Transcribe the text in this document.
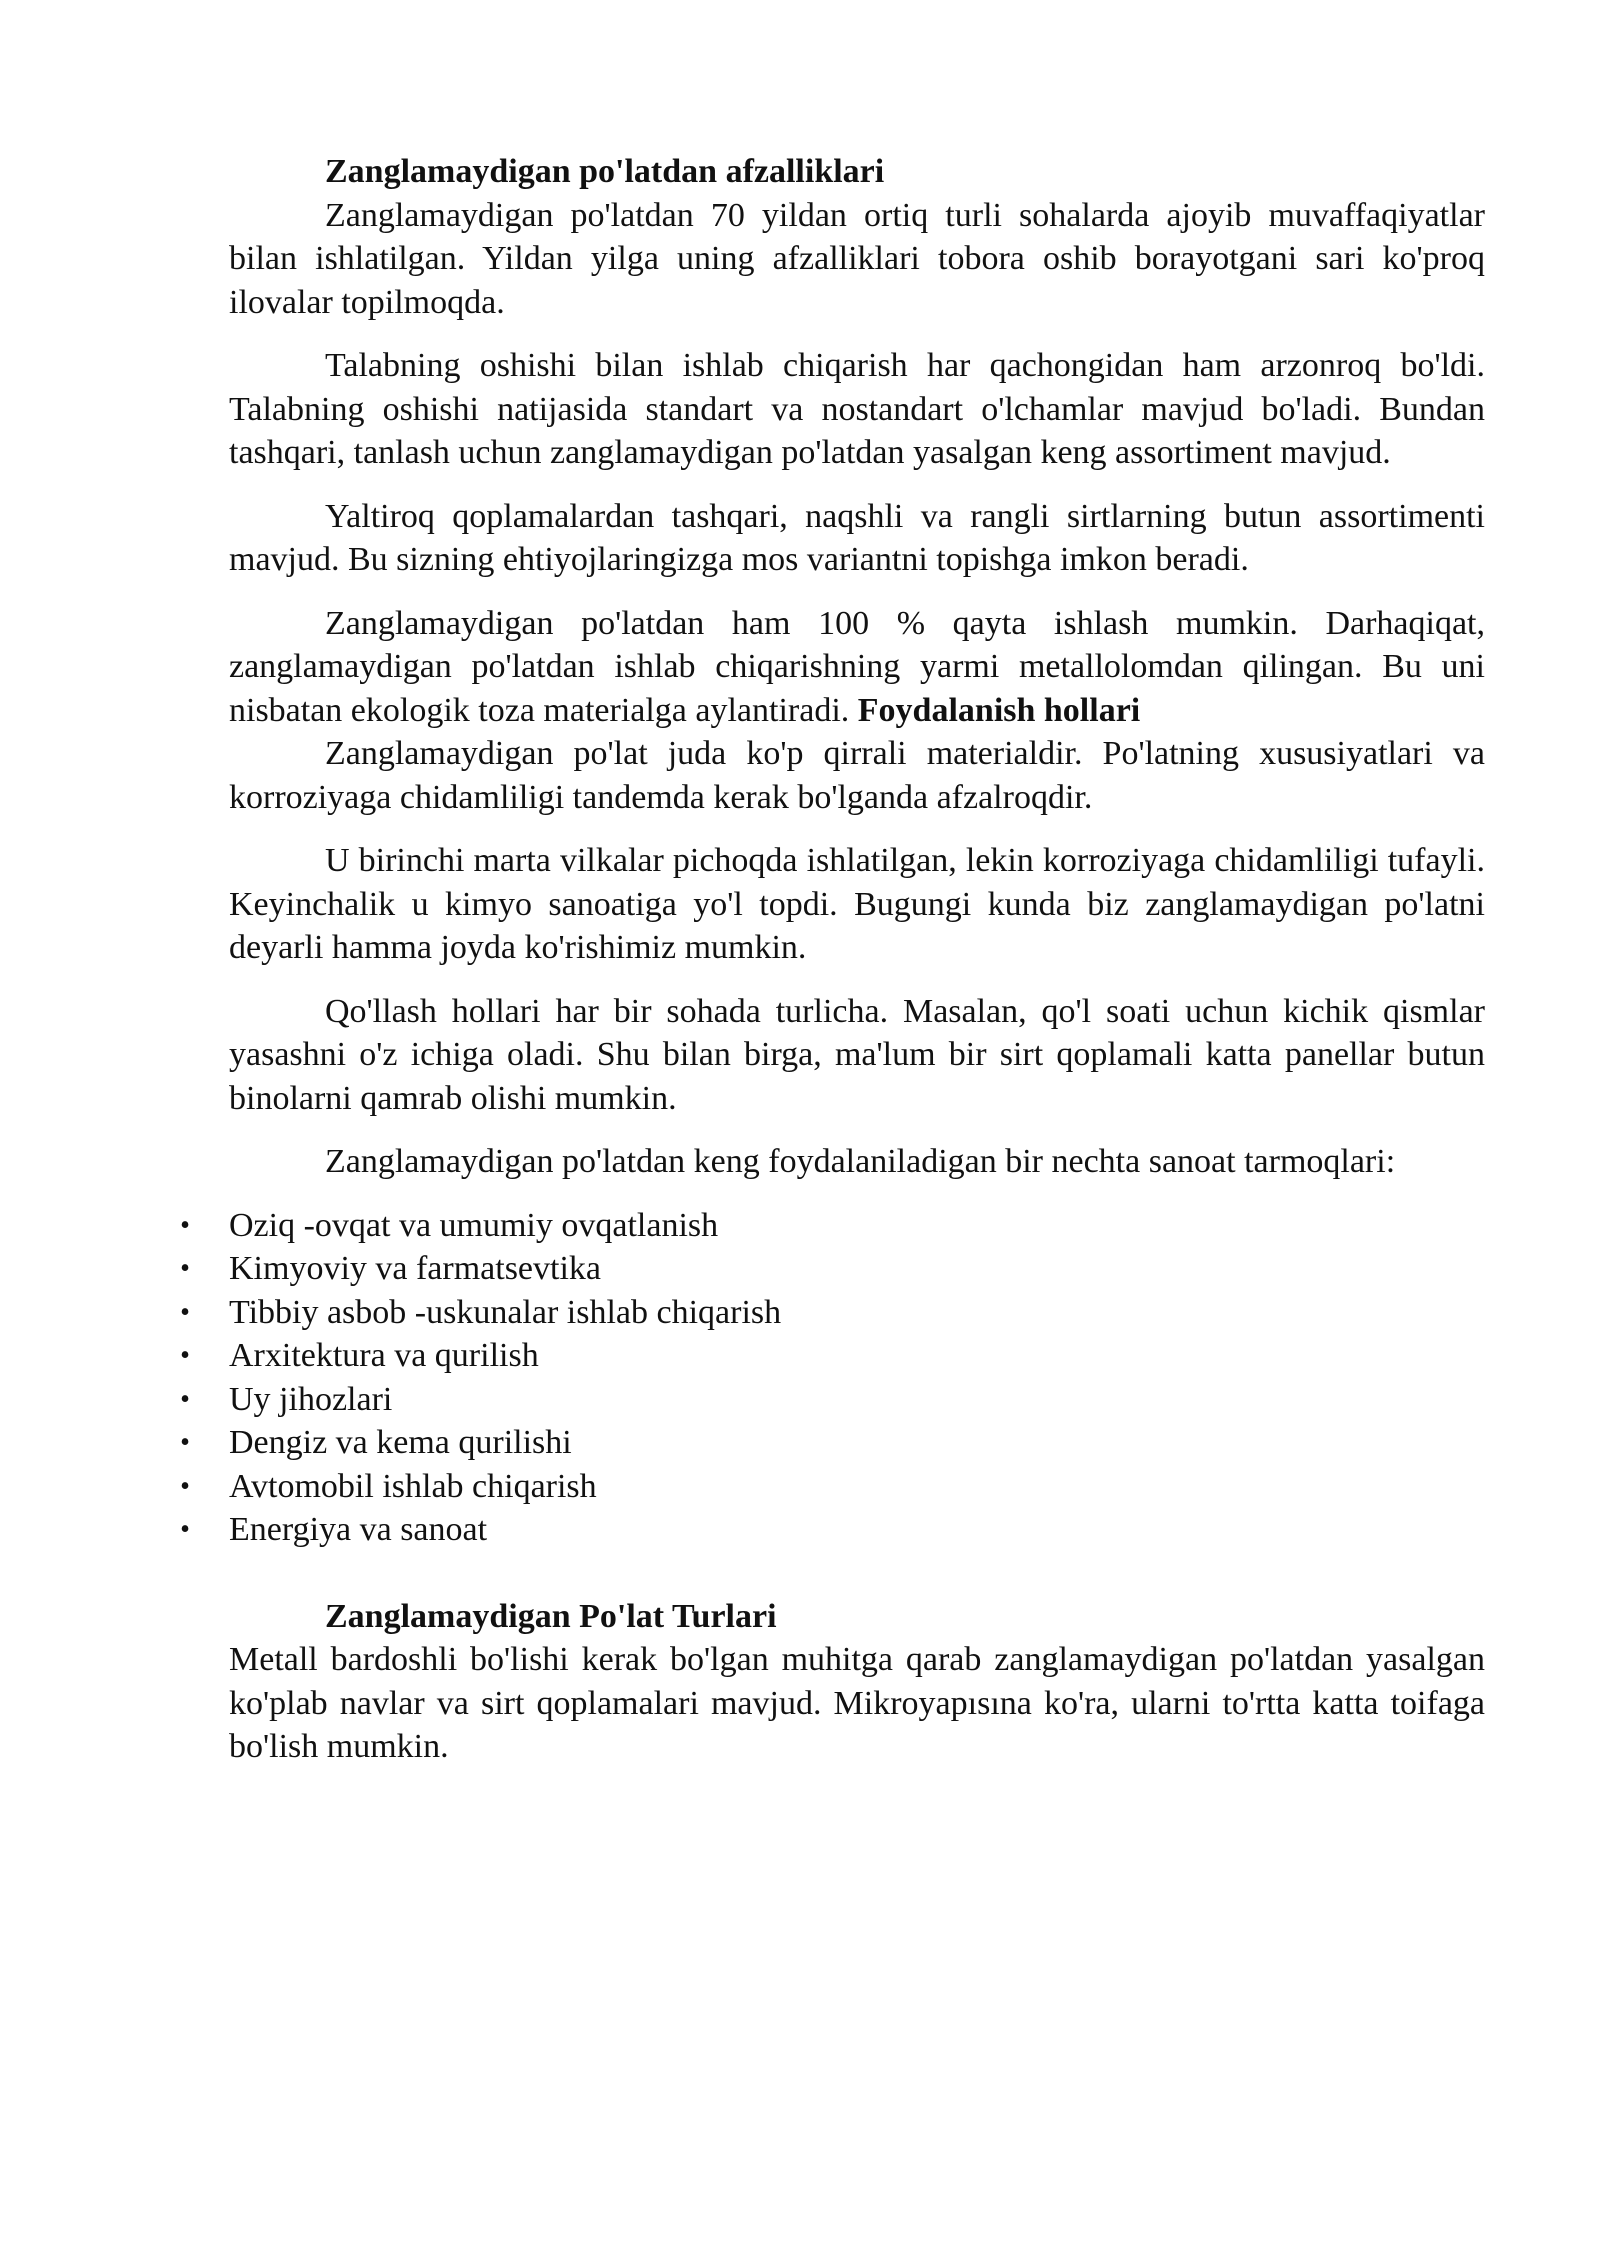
Zanglamaydigan po'latdan afzalliklari

Zanglamaydigan po'latdan 70 yildan ortiq turli sohalarda ajoyib muvaffaqiyatlar bilan ishlatilgan. Yildan yilga uning afzalliklari tobora oshib borayotgani sari ko'proq ilovalar topilmoqda.

Talabning oshishi bilan ishlab chiqarish har qachongidan ham arzonroq bo'ldi. Talabning oshishi natijasida standart va nostandart o'lchamlar mavjud bo'ladi. Bundan tashqari, tanlash uchun zanglamaydigan po'latdan yasalgan keng assortiment mavjud.

Yaltiroq qoplamalardan tashqari, naqshli va rangli sirtlarning butun assortimenti mavjud. Bu sizning ehtiyojlaringizga mos variantni topishga imkon beradi.

Zanglamaydigan po'latdan ham 100 % qayta ishlash mumkin. Darhaqiqat, zanglamaydigan po'latdan ishlab chiqarishning yarmi metallolomdan qilingan. Bu uni nisbatan ekologik toza materialga aylantiradi. Foydalanish hollari

Zanglamaydigan po'lat juda ko'p qirrali materialdir. Po'latning xususiyatlari va korroziyaga chidamliligi tandemda kerak bo'lganda afzalroqdir.

U birinchi marta vilkalar pichoqda ishlatilgan, lekin korroziyaga chidamliligi tufayli. Keyinchalik u kimyo sanoatiga yo'l topdi. Bugungi kunda biz zanglamaydigan po'latni deyarli hamma joyda ko'rishimiz mumkin.

Qo'llash hollari har bir sohada turlicha. Masalan, qo'l soati uchun kichik qismlar yasashni o'z ichiga oladi. Shu bilan birga, ma'lum bir sirt qoplamali katta panellar butun binolarni qamrab olishi mumkin.

Zanglamaydigan po'latdan keng foydalaniladigan bir nechta sanoat tarmoqlari:

• Oziq -ovqat va umumiy ovqatlanish
• Kimyoviy va farmatsevtika
• Tibbiy asbob -uskunalar ishlab chiqarish
• Arxitektura va qurilish
• Uy jihozlari
• Dengiz va kema qurilishi
• Avtomobil ishlab chiqarish
• Energiya va sanoat

Zanglamaydigan Po'lat Turlari

Metall bardoshli bo'lishi kerak bo'lgan muhitga qarab zanglamaydigan po'latdan yasalgan ko'plab navlar va sirt qoplamalari mavjud. Mikroyapısına ko'ra, ularni to'rtta katta toifaga bo'lish mumkin.
